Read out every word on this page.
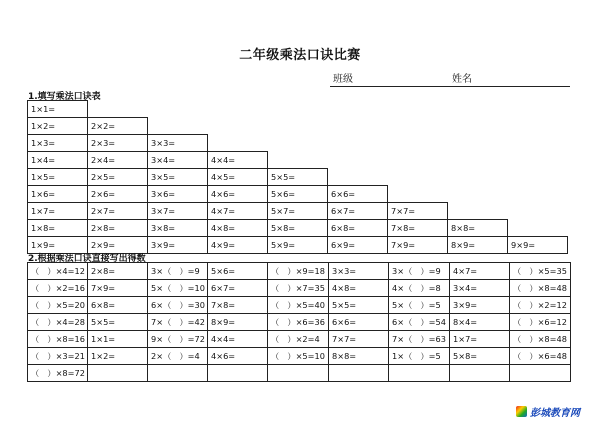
二年级乘法口诀比赛
班级	姓名
1.填写乘法口诀表
1×1=								
1×2=	2×2=							
1×3=	2×3=	3×3=						
1×4=	2×4=	3×4=	4×4=					
1×5=	2×5=	3×5=	4×5=	5×5=				
1×6=	2×6=	3×6=	4×6=	5×6=	6×6=			
1×7=	2×7=	3×7=	4×7=	5×7=	6×7=	7×7=		
1×8=	2×8=	3×8=	4×8=	5×8=	6×8=	7×8=	8×8=	
1×9=	2×9=	3×9=	4×9=	5×9=	6×9=	7×9=	8×9=	9×9=
2.根据乘法口诀直接写出得数
（　）×4=12	2×8=	3×（　）=9	5×6=	（　）×9=18	3×3=	3×（　）=9	4×7=	（　）×5=35
（　）×2=16	7×9=	5×（　）=10	6×7=	（　）×7=35	4×8=	4×（　）=8	3×4=	（　）×8=48
（　）×5=20	6×8=	6×（　）=30	7×8=	（　）×5=40	5×5=	5×（　）=5	3×9=	（　）×2=12
（　）×4=28	5×5=	7×（　）=42	8×9=	（　）×6=36	6×6=	6×（　）=54	8×4=	（　）×6=12
（　）×8=16	1×1=	9×（　）=72	4×4=	（　）×2=4	7×7=	7×（　）=63	1×7=	（　）×8=48
（　）×3=21	1×2=	2×（　）=4	4×6=	（　）×5=10	8×8=	1×（　）=5	5×8=	（　）×6=48
（　）×8=72								
彭城教育网
